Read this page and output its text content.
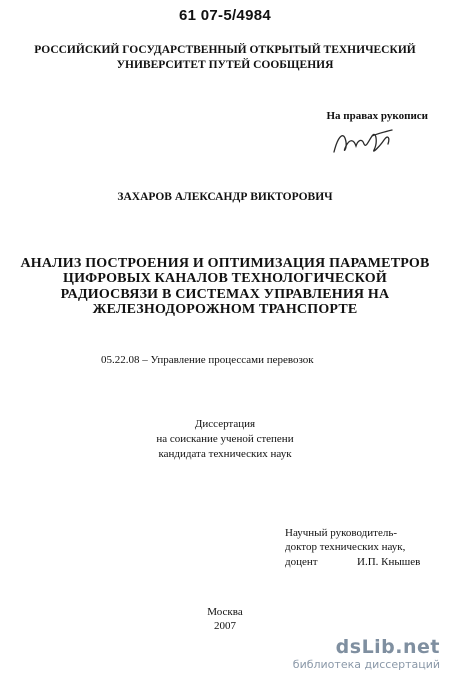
61 07-5/4984
РОССИЙСКИЙ ГОСУДАРСТВЕННЫЙ ОТКРЫТЫЙ ТЕХНИЧЕСКИЙ
УНИВЕРСИТЕТ ПУТЕЙ СООБЩЕНИЯ
На правах рукописи
ЗАХАРОВ АЛЕКСАНДР ВИКТОРОВИЧ
АНАЛИЗ ПОСТРОЕНИЯ И ОПТИМИЗАЦИЯ ПАРАМЕТРОВ
ЦИФРОВЫХ КАНАЛОВ ТЕХНОЛОГИЧЕСКОЙ
РАДИОСВЯЗИ В СИСТЕМАХ УПРАВЛЕНИЯ НА
ЖЕЛЕЗНОДОРОЖНОМ ТРАНСПОРТЕ
05.22.08 – Управление процессами перевозок
Диссертация
на соискание ученой степени
кандидата технических наук
Научный руководитель-
доктор технических наук,
доцент	И.П. Кнышев
Москва
2007
dsLib.net
библиотека диссертаций
